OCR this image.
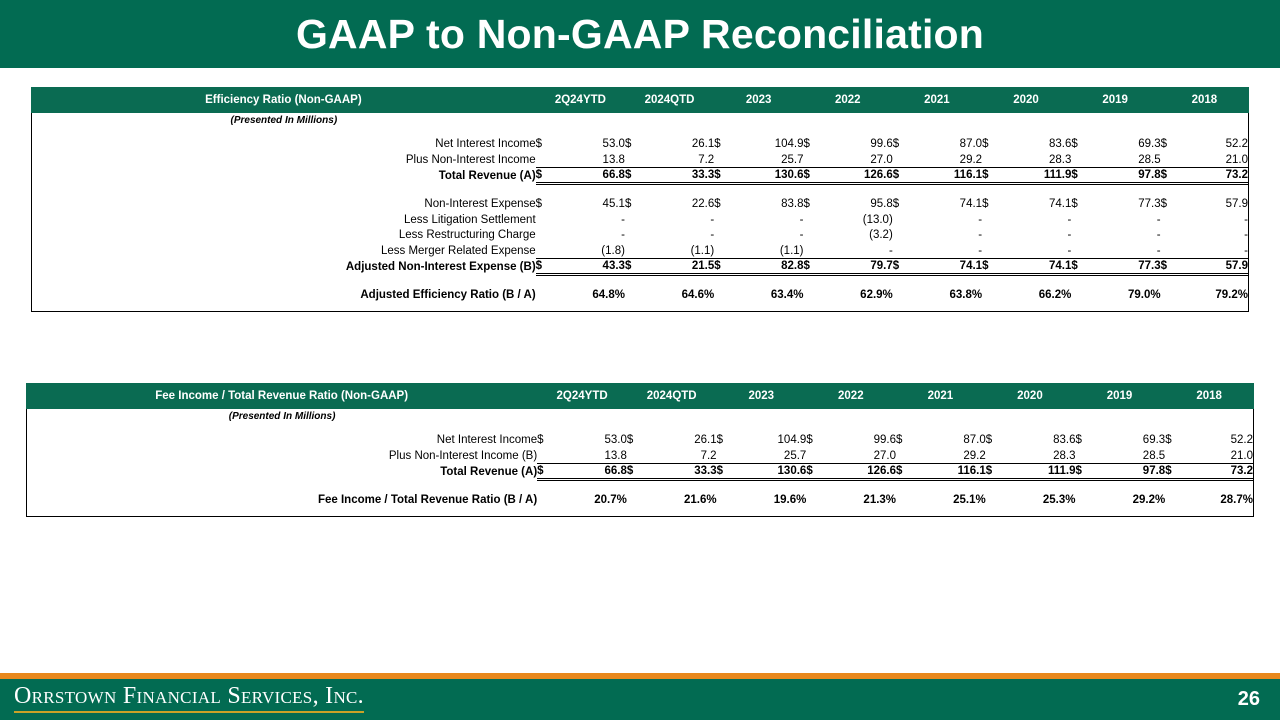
GAAP to Non-GAAP Reconciliation
Efficiency Ratio (Non-GAAP)	2Q24YTD	2024QTD	2023	2022	2021	2020	2019	2018
(Presented In Millions)																

Net Interest Income	$	53.0	$	26.1	$	104.9	$	99.6	$	87.0	$	83.6	$	69.3	$	52.2
Plus Non-Interest Income		13.8		7.2		25.7		27.0		29.2		28.3		28.5		21.0
Total Revenue (A)	$	66.8	$	33.3	$	130.6	$	126.6	$	116.1	$	111.9	$	97.8	$	73.2

Non-Interest Expense	$	45.1	$	22.6	$	83.8	$	95.8	$	74.1	$	74.1	$	77.3	$	57.9
Less Litigation Settlement		-		-		-		(13.0)		-		-		-		-
Less Restructuring Charge		-		-		-		(3.2)		-		-		-		-
Less Merger Related Expense		(1.8)		(1.1)		(1.1)		-		-		-		-		-
Adjusted Non-Interest Expense (B)	$	43.3	$	21.5	$	82.8	$	79.7	$	74.1	$	74.1	$	77.3	$	57.9

Adjusted Efficiency Ratio (B / A)		64.8%		64.6%		63.4%		62.9%		63.8%		66.2%		79.0%		79.2%

Fee Income / Total Revenue Ratio (Non-GAAP)	2Q24YTD	2024QTD	2023	2022	2021	2020	2019	2018
(Presented In Millions)																

Net Interest Income	$	53.0	$	26.1	$	104.9	$	99.6	$	87.0	$	83.6	$	69.3	$	52.2
Plus Non-Interest Income (B)		13.8		7.2		25.7		27.0		29.2		28.3		28.5		21.0
Total Revenue (A)	$	66.8	$	33.3	$	130.6	$	126.6	$	116.1	$	111.9	$	97.8	$	73.2

Fee Income / Total Revenue Ratio (B / A)		20.7%		21.6%		19.6%		21.3%		25.1%		25.3%		29.2%		28.7%

Orrstown Financial Services, Inc.	26
